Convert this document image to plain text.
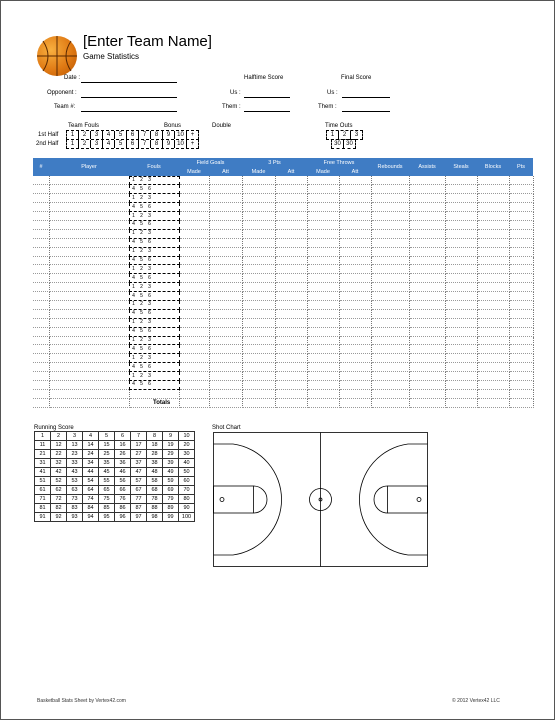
[Enter Team Name]
Game Statistics
Date :
Opponent :
Team #:
Halftime Score
Us :
Them :
Final Score
Us :
Them :
Team Fouls	Bonus	Double
1st Half	1	2	3	4	5	6	7	8	9	10	+
2nd Half	1	2	3	4	5	6	7	8	9	10	+
Time Outs
1	2	3
30 30
#	Player	Fouls	Field Goals		3 Pts		Free Throws		Rebounds	Assists	Steals	Blocks	Pts
			Made	Att	Made	Att	Made	Att					
		1 2 3											
		4 5 6											
		1 2 3											
		4 5 6											
		1 2 3											
		4 5 6											
		1 2 3											
		4 5 6											
		1 2 3											
		4 5 6											
		1 2 3											
		4 5 6											
		1 2 3											
		4 5 6											
		1 2 3											
		4 5 6											
		1 2 3											
		4 5 6											
		1 2 3											
		4 5 6											
		1 2 3											
		4 5 6											
		1 2 3											
		4 5 6											

Totals
Running Score
1	2	3	4	5	6	7	8	9	10
11	12	13	14	15	16	17	18	19	20
21	22	23	24	25	26	27	28	29	30
31	32	33	34	35	36	37	38	39	40
41	42	43	44	45	46	47	48	49	50
51	52	53	54	55	56	57	58	59	60
61	62	63	64	65	66	67	68	69	70
71	72	73	74	75	76	77	78	79	80
81	82	83	84	85	86	87	88	89	90
91	92	93	94	95	96	97	98	99	100
Shot Chart
Basketball Stats Sheet by Vertex42.com	© 2012 Vertex42 LLC
